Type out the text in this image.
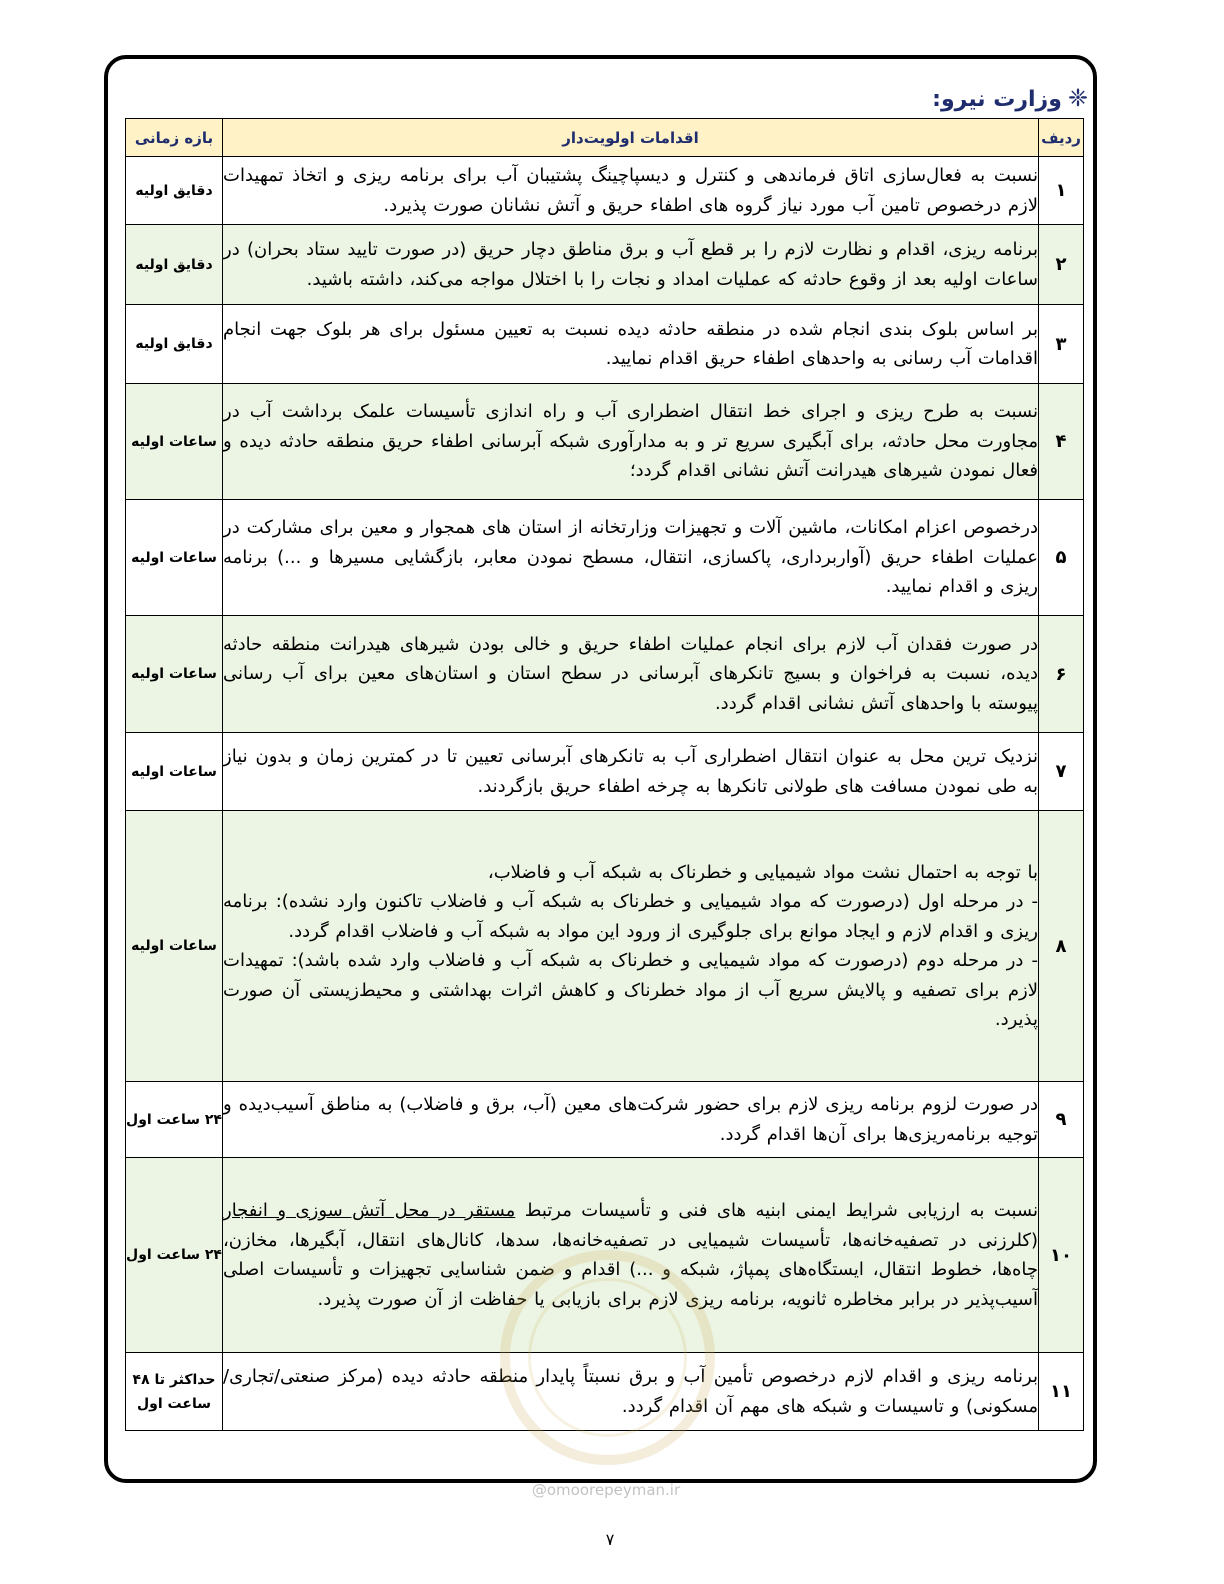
❈وزارت نیرو:
ردیف	اقدامات اولویت‌دار	بازه زمانی
۱	نسبت به فعال‌سازی اتاق فرماندهی و کنترل و دیسپاچینگ پشتیبان آب برای برنامه ریزی و اتخاذ تمهیدات لازم درخصوص تامین آب مورد نیاز گروه های اطفاء حریق و آتش نشانان صورت پذیرد.	دقایق اولیه
۲	برنامه ریزی، اقدام و نظارت لازم را بر قطع آب و برق مناطق دچار حریق (در صورت تایید ستاد بحران) در ساعات اولیه بعد از وقوع حادثه که عملیات امداد و نجات را با اختلال مواجه می‌کند، داشته باشید.	دقایق اولیه
۳	بر اساس بلوک بندی انجام شده در منطقه حادثه دیده نسبت به تعیین مسئول برای هر بلوک جهت انجام اقدامات آب رسانی به واحدهای اطفاء حریق اقدام نمایید.	دقایق اولیه
۴	نسبت به طرح ریزی و اجرای خط انتقال اضطراری آب و راه اندازی تأسیسات علمک برداشت آب در مجاورت محل حادثه، برای آبگیری سریع تر و به مدارآوری شبکه آبرسانی اطفاء حریق منطقه حادثه دیده و فعال نمودن شیرهای هیدرانت آتش نشانی اقدام گردد؛	ساعات اولیه
۵	درخصوص اعزام امکانات، ماشین آلات و تجهیزات وزارتخانه از استان های همجوار و معین برای مشارکت در عملیات اطفاء حریق (آواربرداری، پاکسازی، انتقال، مسطح نمودن معابر، بازگشایی مسیرها و ...) برنامه ریزی و اقدام نمایید.	ساعات اولیه
۶	در صورت فقدان آب لازم برای انجام عملیات اطفاء حریق و خالی بودن شیرهای هیدرانت منطقه حادثه دیده، نسبت به فراخوان و بسیج تانکرهای آبرسانی در سطح استان و استان‌های معین برای آب رسانی پیوسته با واحدهای آتش نشانی اقدام گردد.	ساعات اولیه
۷	نزدیک ترین محل به عنوان انتقال اضطراری آب به تانکرهای آبرسانی تعیین تا در کمترین زمان و بدون نیاز به طی نمودن مسافت های طولانی تانکرها به چرخه اطفاء حریق بازگردند.	ساعات اولیه
۸	با توجه به احتمال نشت مواد شیمیایی و خطرناک به شبکه آب و فاضلاب،
- در مرحله اول (درصورت که مواد شیمیایی و خطرناک به شبکه آب و فاضلاب تاکنون وارد نشده): برنامه ریزی و اقدام لازم و ایجاد موانع برای جلوگیری از ورود این مواد به شبکه آب و فاضلاب اقدام گردد.
- در مرحله دوم (درصورت که مواد شیمیایی و خطرناک به شبکه آب و فاضلاب وارد شده باشد): تمهیدات لازم برای تصفیه و پالایش سریع آب از مواد خطرناک و کاهش اثرات بهداشتی و محیط‌زیستی آن صورت پذیرد.	ساعات اولیه
۹	در صورت لزوم برنامه ریزی لازم برای حضور شرکت‌های معین (آب، برق و فاضلاب) به مناطق آسیب‌دیده و توجیه برنامه‌ریزی‌ها برای آن‌ها اقدام گردد.	۲۴ ساعت اول
۱۰	نسبت به ارزیابی شرایط ایمنی ابنیه های فنی و تأسیسات مرتبط مستقر در محل آتش سوزی و انفجار (کلرزنی در تصفیه‌خانه‌ها، تأسیسات شیمیایی در تصفیه‌خانه‌ها، سدها، کانال‌های انتقال، آبگیرها، مخازن، چاه‌ها، خطوط انتقال، ایستگاه‌های پمپاژ، شبکه و ...) اقدام و ضمن شناسایی تجهیزات و تأسیسات اصلی آسیب‌پذیر در برابر مخاطره ثانویه، برنامه ریزی لازم برای بازیابی یا حفاظت از آن صورت پذیرد.	۲۴ ساعت اول
۱۱	برنامه ریزی و اقدام لازم درخصوص تأمین آب و برق نسبتاً پایدار منطقه حادثه دیده (مرکز صنعتی/تجاری/مسکونی) و تاسیسات و شبکه های مهم آن اقدام گردد.	حداکثر تا ۴۸ ساعت اول
@omoorepeyman.ir
۷
